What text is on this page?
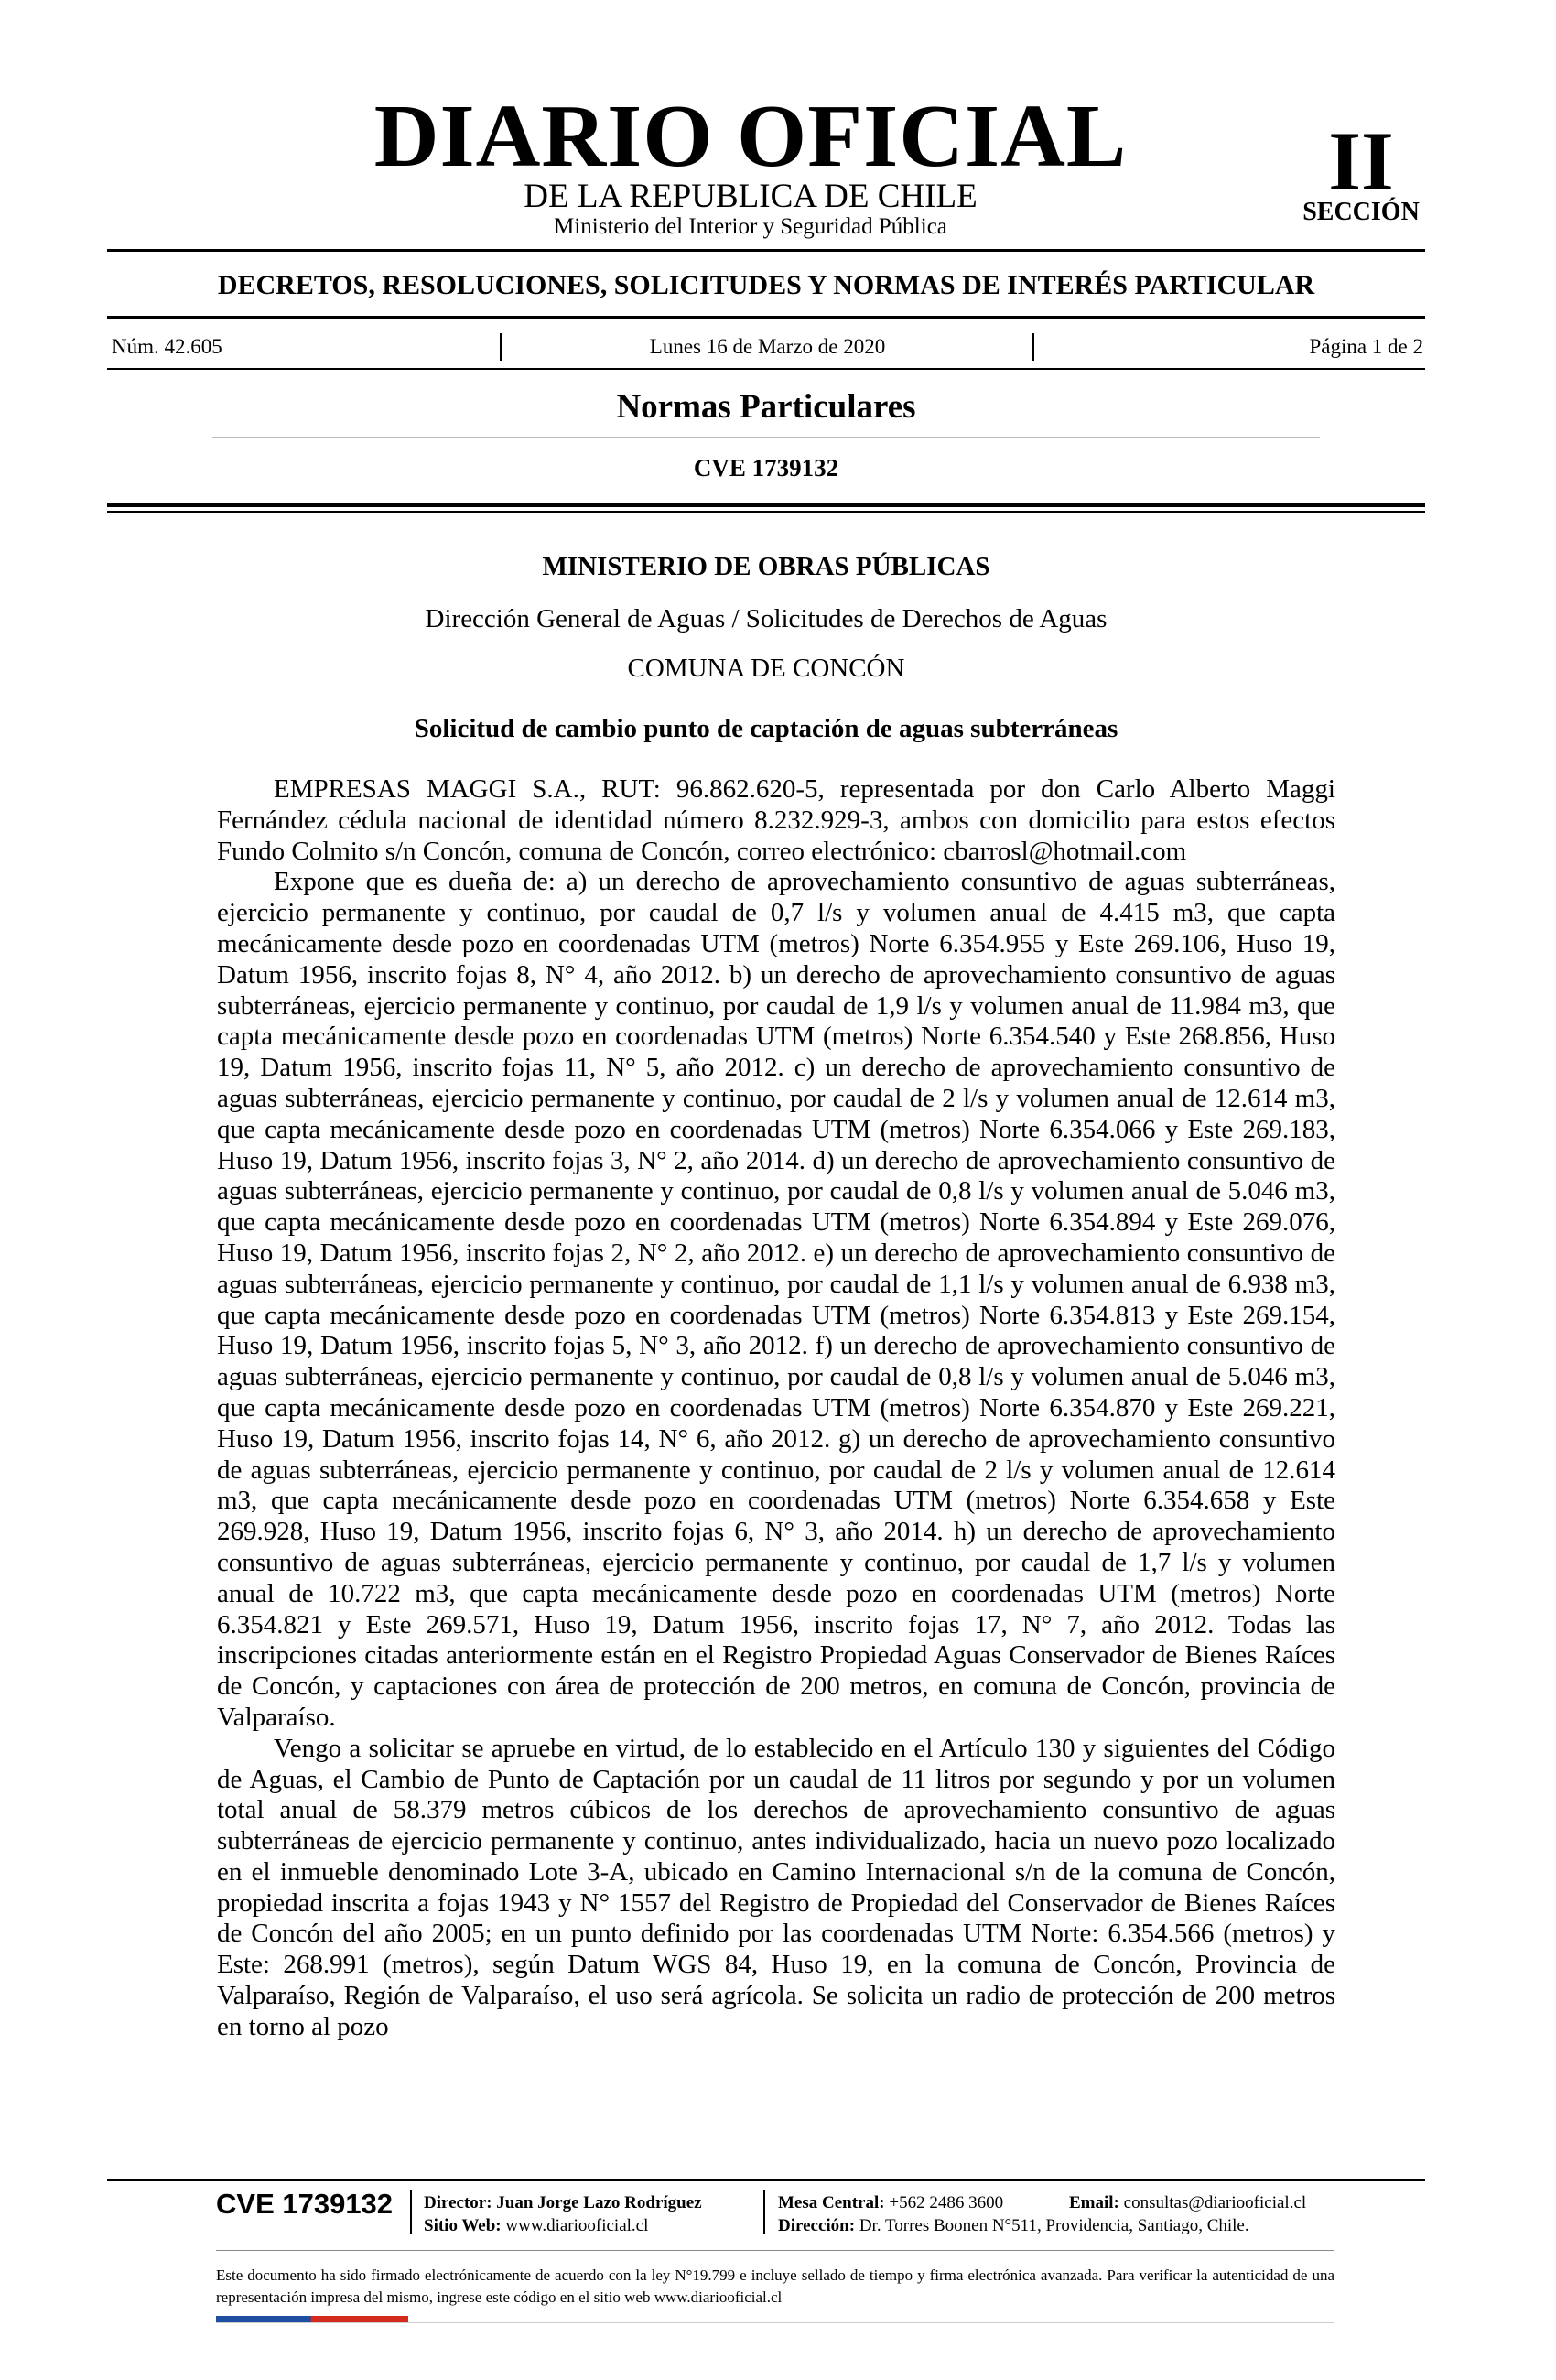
DIARIO OFICIAL
DE LA REPUBLICA DE CHILE
Ministerio del Interior y Seguridad Pública
II
SECCIÓN
DECRETOS, RESOLUCIONES, SOLICITUDES Y NORMAS DE INTERÉS PARTICULAR
Núm. 42.605	Lunes 16 de Marzo de 2020	Página 1 de 2
Normas Particulares
CVE 1739132
MINISTERIO DE OBRAS PÚBLICAS
Dirección General de Aguas / Solicitudes de Derechos de Aguas
COMUNA DE CONCÓN
Solicitud de cambio punto de captación de aguas subterráneas

EMPRESAS MAGGI S.A., RUT: 96.862.620-5, representada por don Carlo Alberto Maggi Fernández cédula nacional de identidad número 8.232.929-3, ambos con domicilio para estos efectos Fundo Colmito s/n Concón, comuna de Concón, correo electrónico: cbarrosl@hotmail.com

Expone que es dueña de: a) un derecho de aprovechamiento consuntivo de aguas subterráneas, ejercicio permanente y continuo, por caudal de 0,7 l/s y volumen anual de 4.415 m3, que capta mecánicamente desde pozo en coordenadas UTM (metros) Norte 6.354.955 y Este 269.106, Huso 19, Datum 1956, inscrito fojas 8, N° 4, año 2012. b) un derecho de aprovechamiento consuntivo de aguas subterráneas, ejercicio permanente y continuo, por caudal de 1,9 l/s y volumen anual de 11.984 m3, que capta mecánicamente desde pozo en coordenadas UTM (metros) Norte 6.354.540 y Este 268.856, Huso 19, Datum 1956, inscrito fojas 11, N° 5, año 2012. c) un derecho de aprovechamiento consuntivo de aguas subterráneas, ejercicio permanente y continuo, por caudal de 2 l/s y volumen anual de 12.614 m3, que capta mecánicamente desde pozo en coordenadas UTM (metros) Norte 6.354.066 y Este 269.183, Huso 19, Datum 1956, inscrito fojas 3, N° 2, año 2014. d) un derecho de aprovechamiento consuntivo de aguas subterráneas, ejercicio permanente y continuo, por caudal de 0,8 l/s y volumen anual de 5.046 m3, que capta mecánicamente desde pozo en coordenadas UTM (metros) Norte 6.354.894 y Este 269.076, Huso 19, Datum 1956, inscrito fojas 2, N° 2, año 2012. e) un derecho de aprovechamiento consuntivo de aguas subterráneas, ejercicio permanente y continuo, por caudal de 1,1 l/s y volumen anual de 6.938 m3, que capta mecánicamente desde pozo en coordenadas UTM (metros) Norte 6.354.813 y Este 269.154, Huso 19, Datum 1956, inscrito fojas 5, N° 3, año 2012. f) un derecho de aprovechamiento consuntivo de aguas subterráneas, ejercicio permanente y continuo, por caudal de 0,8 l/s y volumen anual de 5.046 m3, que capta mecánicamente desde pozo en coordenadas UTM (metros) Norte 6.354.870 y Este 269.221, Huso 19, Datum 1956, inscrito fojas 14, N° 6, año 2012. g) un derecho de aprovechamiento consuntivo de aguas subterráneas, ejercicio permanente y continuo, por caudal de 2 l/s y volumen anual de 12.614 m3, que capta mecánicamente desde pozo en coordenadas UTM (metros) Norte 6.354.658 y Este 269.928, Huso 19, Datum 1956, inscrito fojas 6, N° 3, año 2014. h) un derecho de aprovechamiento consuntivo de aguas subterráneas, ejercicio permanente y continuo, por caudal de 1,7 l/s y volumen anual de 10.722 m3, que capta mecánicamente desde pozo en coordenadas UTM (metros) Norte 6.354.821 y Este 269.571, Huso 19, Datum 1956, inscrito fojas 17, N° 7, año 2012. Todas las inscripciones citadas anteriormente están en el Registro Propiedad Aguas Conservador de Bienes Raíces de Concón, y captaciones con área de protección de 200 metros, en comuna de Concón, provincia de Valparaíso.

Vengo a solicitar se apruebe en virtud, de lo establecido en el Artículo 130 y siguientes del Código de Aguas, el Cambio de Punto de Captación por un caudal de 11 litros por segundo y por un volumen total anual de 58.379 metros cúbicos de los derechos de aprovechamiento consuntivo de aguas subterráneas de ejercicio permanente y continuo, antes individualizado, hacia un nuevo pozo localizado en el inmueble denominado Lote 3-A, ubicado en Camino Internacional s/n de la comuna de Concón, propiedad inscrita a fojas 1943 y N° 1557 del Registro de Propiedad del Conservador de Bienes Raíces de Concón del año 2005; en un punto definido por las coordenadas UTM Norte: 6.354.566 (metros) y Este: 268.991 (metros), según Datum WGS 84, Huso 19, en la comuna de Concón, Provincia de Valparaíso, Región de Valparaíso, el uso será agrícola. Se solicita un radio de protección de 200 metros en torno al pozo

CVE 1739132	Director: Juan Jorge Lazo Rodríguez
Sitio Web: www.diariooficial.cl
Mesa Central: +562 2486 3600
Dirección: Dr. Torres Boonen N°511, Providencia, Santiago, Chile.
Email: consultas@diariooficial.cl
Este documento ha sido firmado electrónicamente de acuerdo con la ley N°19.799 e incluye sellado de tiempo y firma electrónica avanzada. Para verificar la autenticidad de una representación impresa del mismo, ingrese este código en el sitio web www.diariooficial.cl
